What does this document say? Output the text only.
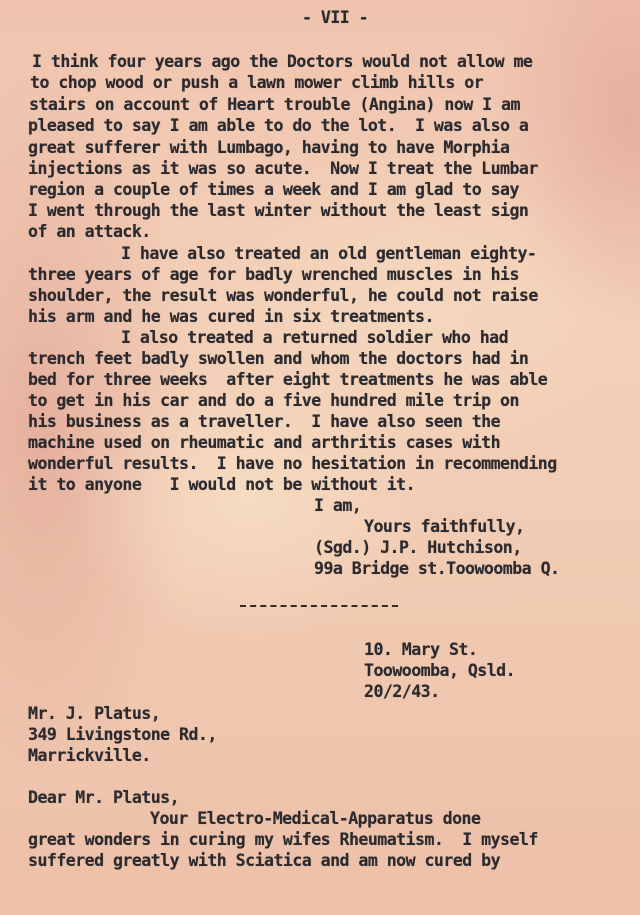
- VII -
I think four years ago the Doctors would not allow me
to chop wood or push a lawn mower climb hills or
stairs on account of Heart trouble (Angina) now I am
pleased to say I am able to do the lot.  I was also a
great sufferer with Lumbago, having to have Morphia
injections as it was so acute.  Now I treat the Lumbar
region a couple of times a week and I am glad to say
I went through the last winter without the least sign
of an attack.
I have also treated an old gentleman eighty-
three years of age for badly wrenched muscles in his
shoulder, the result was wonderful, he could not raise
his arm and he was cured in six treatments.
I also treated a returned soldier who had
trench feet badly swollen and whom the doctors had in
bed for three weeks  after eight treatments he was able
to get in his car and do a five hundred mile trip on
his business as a traveller.  I have also seen the
machine used on rheumatic and arthritis cases with
wonderful results.  I have no hesitation in recommending
it to anyone   I would not be without it.
I am,
Yours faithfully,
(Sgd.) J.P. Hutchison,
99a Bridge st.Toowoomba Q.
10. Mary St.
Toowoomba, Qsld.
20/2/43.
Mr. J. Platus,
349 Livingstone Rd.,
Marrickville.
Dear Mr. Platus,
Your Electro-Medical-Apparatus done
great wonders in curing my wifes Rheumatism.  I myself
suffered greatly with Sciatica and am now cured by
